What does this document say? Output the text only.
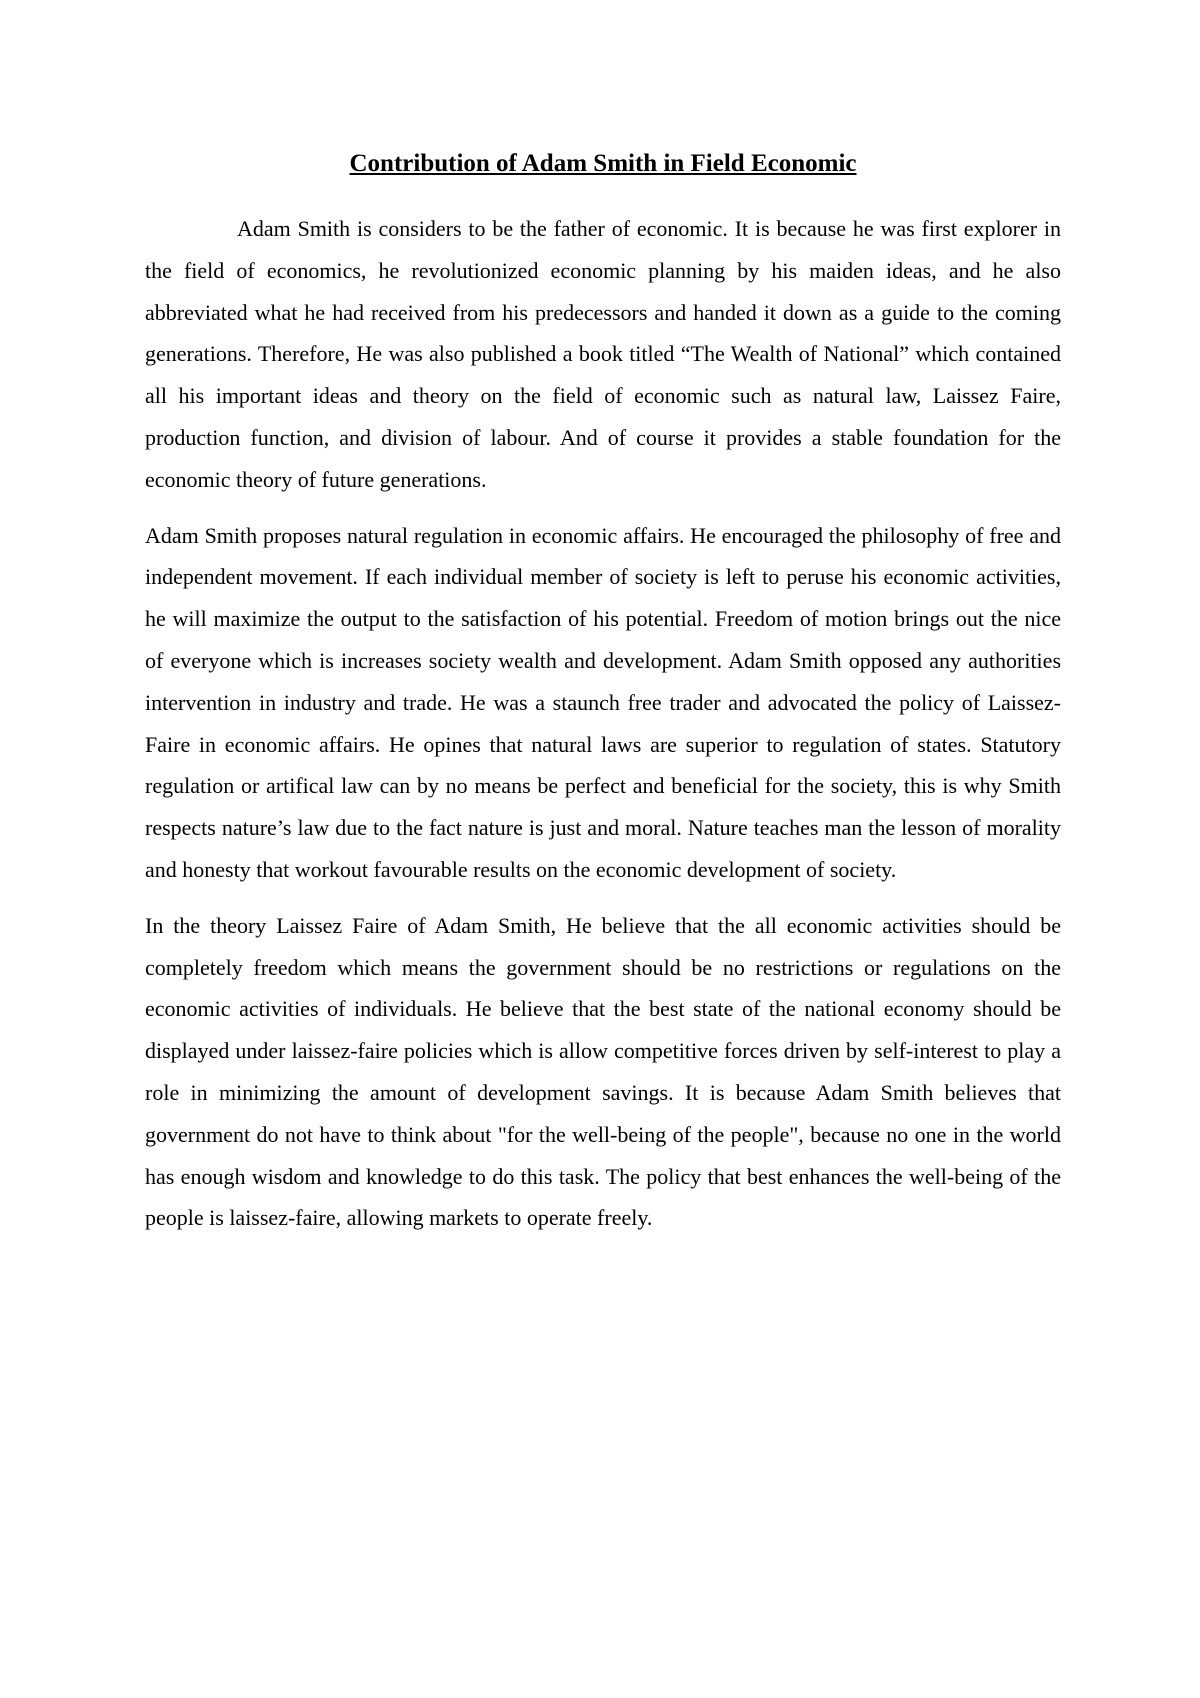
Contribution of Adam Smith in Field Economic

Adam Smith is considers to be the father of economic. It is because he was first explorer in the field of economics, he revolutionized economic planning by his maiden ideas, and he also abbreviated what he had received from his predecessors and handed it down as a guide to the coming generations. Therefore, He was also published a book titled “The Wealth of National” which contained all his important ideas and theory on the field of economic such as natural law, Laissez Faire, production function, and division of labour. And of course it provides a stable foundation for the economic theory of future generations.

Adam Smith proposes natural regulation in economic affairs. He encouraged the philosophy of free and independent movement. If each individual member of society is left to peruse his economic activities, he will maximize the output to the satisfaction of his potential. Freedom of motion brings out the nice of everyone which is increases society wealth and development. Adam Smith opposed any authorities intervention in industry and trade. He was a staunch free trader and advocated the policy of Laissez-Faire in economic affairs. He opines that natural laws are superior to regulation of states. Statutory regulation or artifical law can by no means be perfect and beneficial for the society, this is why Smith respects nature’s law due to the fact nature is just and moral. Nature teaches man the lesson of morality and honesty that workout favourable results on the economic development of society.

In the theory Laissez Faire of Adam Smith, He believe that the all economic activities should be completely freedom which means the government should be no restrictions or regulations on the economic activities of individuals. He believe that the best state of the national economy should be displayed under laissez-faire policies which is allow competitive forces driven by self-interest to play a role in minimizing the amount of development savings. It is because Adam Smith believes that government do not have to think about "for the well-being of the people", because no one in the world has enough wisdom and knowledge to do this task. The policy that best enhances the well-being of the people is laissez-faire, allowing markets to operate freely.
